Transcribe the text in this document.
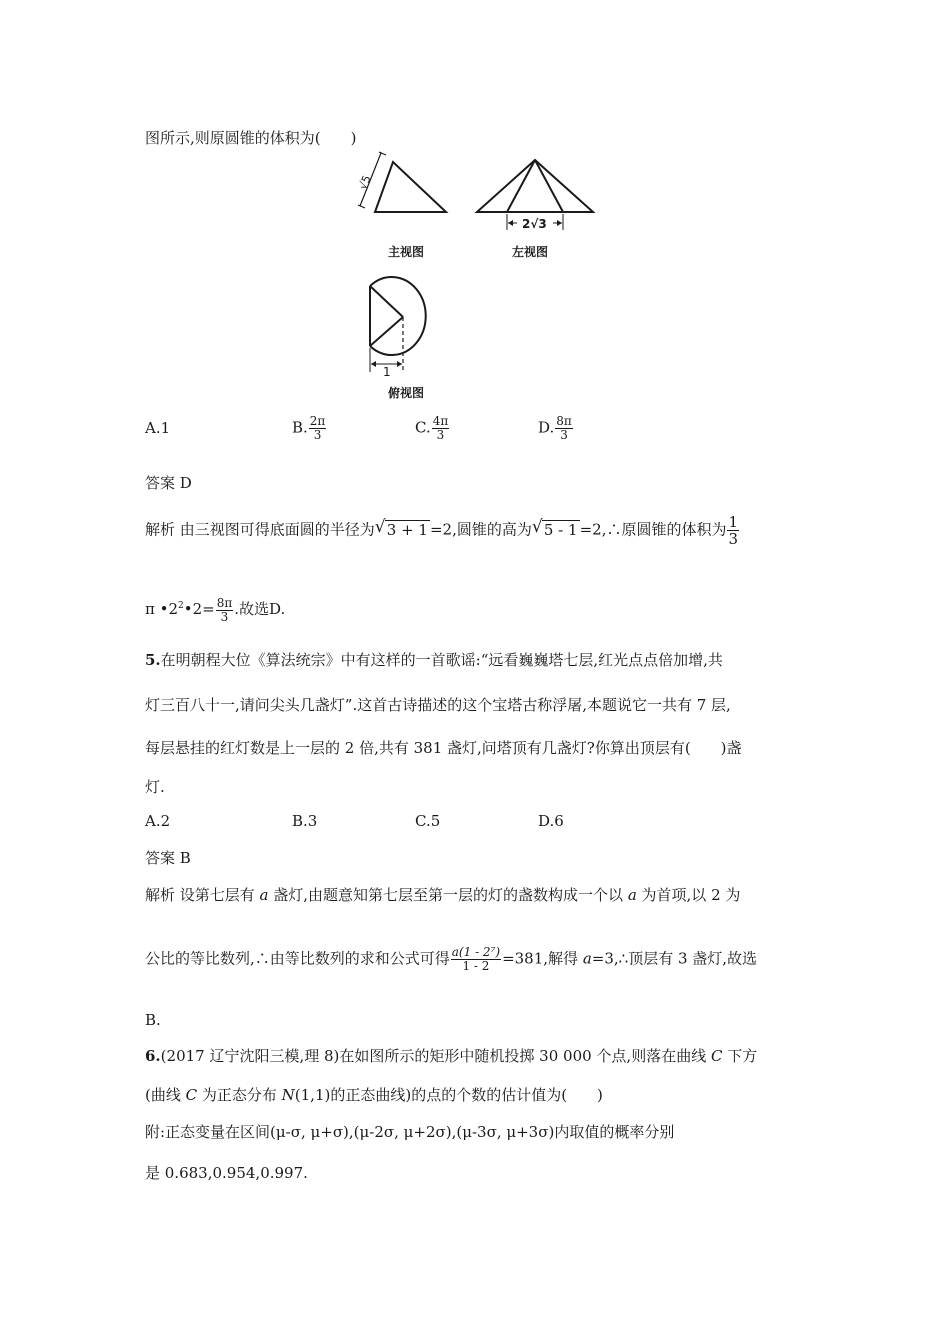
图所示,则原圆锥的体积为(　　)
√5
2√3
1
主视图	左视图
俯视图
A.1	B. $\frac{2\pi}{3}$	C. $\frac{4\pi}{3}$	D. $\frac{8\pi}{3}$
答案 D
解析 由三视图可得底面圆的半径为 √ 3 + 1 =2,圆锥的高为 √ 5 - 1 =2,∴原圆锥的体积为 $\frac{1}{3}$
π $•2^2•2= \frac{8\pi}{3}$ .故选D.
5.在明朝程大位《算法统宗》中有这样的一首歌谣:“远看巍巍塔七层,红光点点倍加增,共
灯三百八十一,请问尖头几盏灯”.这首古诗描述的这个宝塔古称浮屠,本题说它一共有 7 层,
每层悬挂的红灯数是上一层的 2 倍,共有 381 盏灯,问塔顶有几盏灯?你算出顶层有(　　)盏
灯.
A.2	B.3	C.5	D.6
答案 B
解析 设第七层有 a 盏灯,由题意知第七层至第一层的灯的盏数构成一个以 a 为首项,以 2 为
公比的等比数列,∴由等比数列的求和公式可得 $\frac{\text{a(1 - 2⁷)}}{1 - 2} =381$,解得 a=3,∴顶层有 3 盏灯,故选
B.
6.(2017 辽宁沈阳三模,理 8)在如图所示的矩形中随机投掷 30 000 个点,则落在曲线 C 下方
(曲线 C 为正态分布 N(1,1)的正态曲线)的点的个数的估计值为(　　)
附:正态变量在区间(μ-σ, μ+σ),(μ-2σ, μ+2σ),(μ-3σ, μ+3σ)内取值的概率分别
是 0.683,0.954,0.997.
